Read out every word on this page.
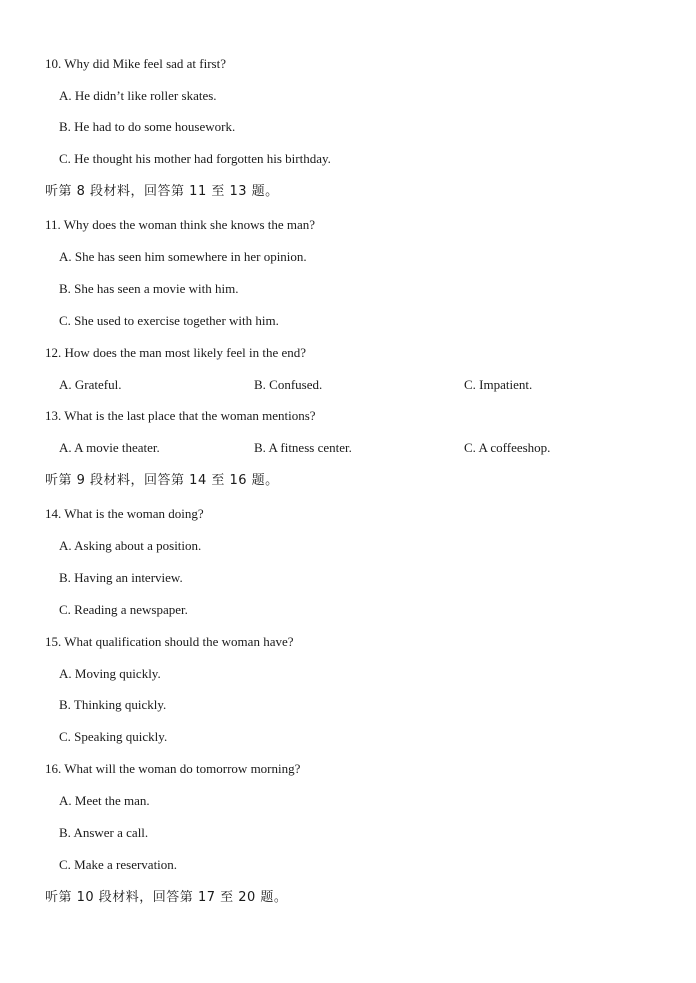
10. Why did Mike feel sad at first?
A. He didn’t like roller skates.
B. He had to do some housework.
C. He thought his mother had forgotten his birthday.
听第 8 段材料，回答第 11 至 13 题。
11. Why does the woman think she knows the man?
A. She has seen him somewhere in her opinion.
B. She has seen a movie with him.
C. She used to exercise together with him.
12. How does the man most likely feel in the end?
A. Grateful.	B. Confused.	C. Impatient.
13. What is the last place that the woman mentions?
A. A movie theater.	B. A fitness center.	C. A coffeeshop.
听第 9 段材料，回答第 14 至 16 题。
14. What is the woman doing?
A. Asking about a position.
B. Having an interview.
C. Reading a newspaper.
15. What qualification should the woman have?
A. Moving quickly.
B. Thinking quickly.
C. Speaking quickly.
16. What will the woman do tomorrow morning?
A. Meet the man.
B. Answer a call.
C. Make a reservation.
听第 10 段材料，回答第 17 至 20 题。
